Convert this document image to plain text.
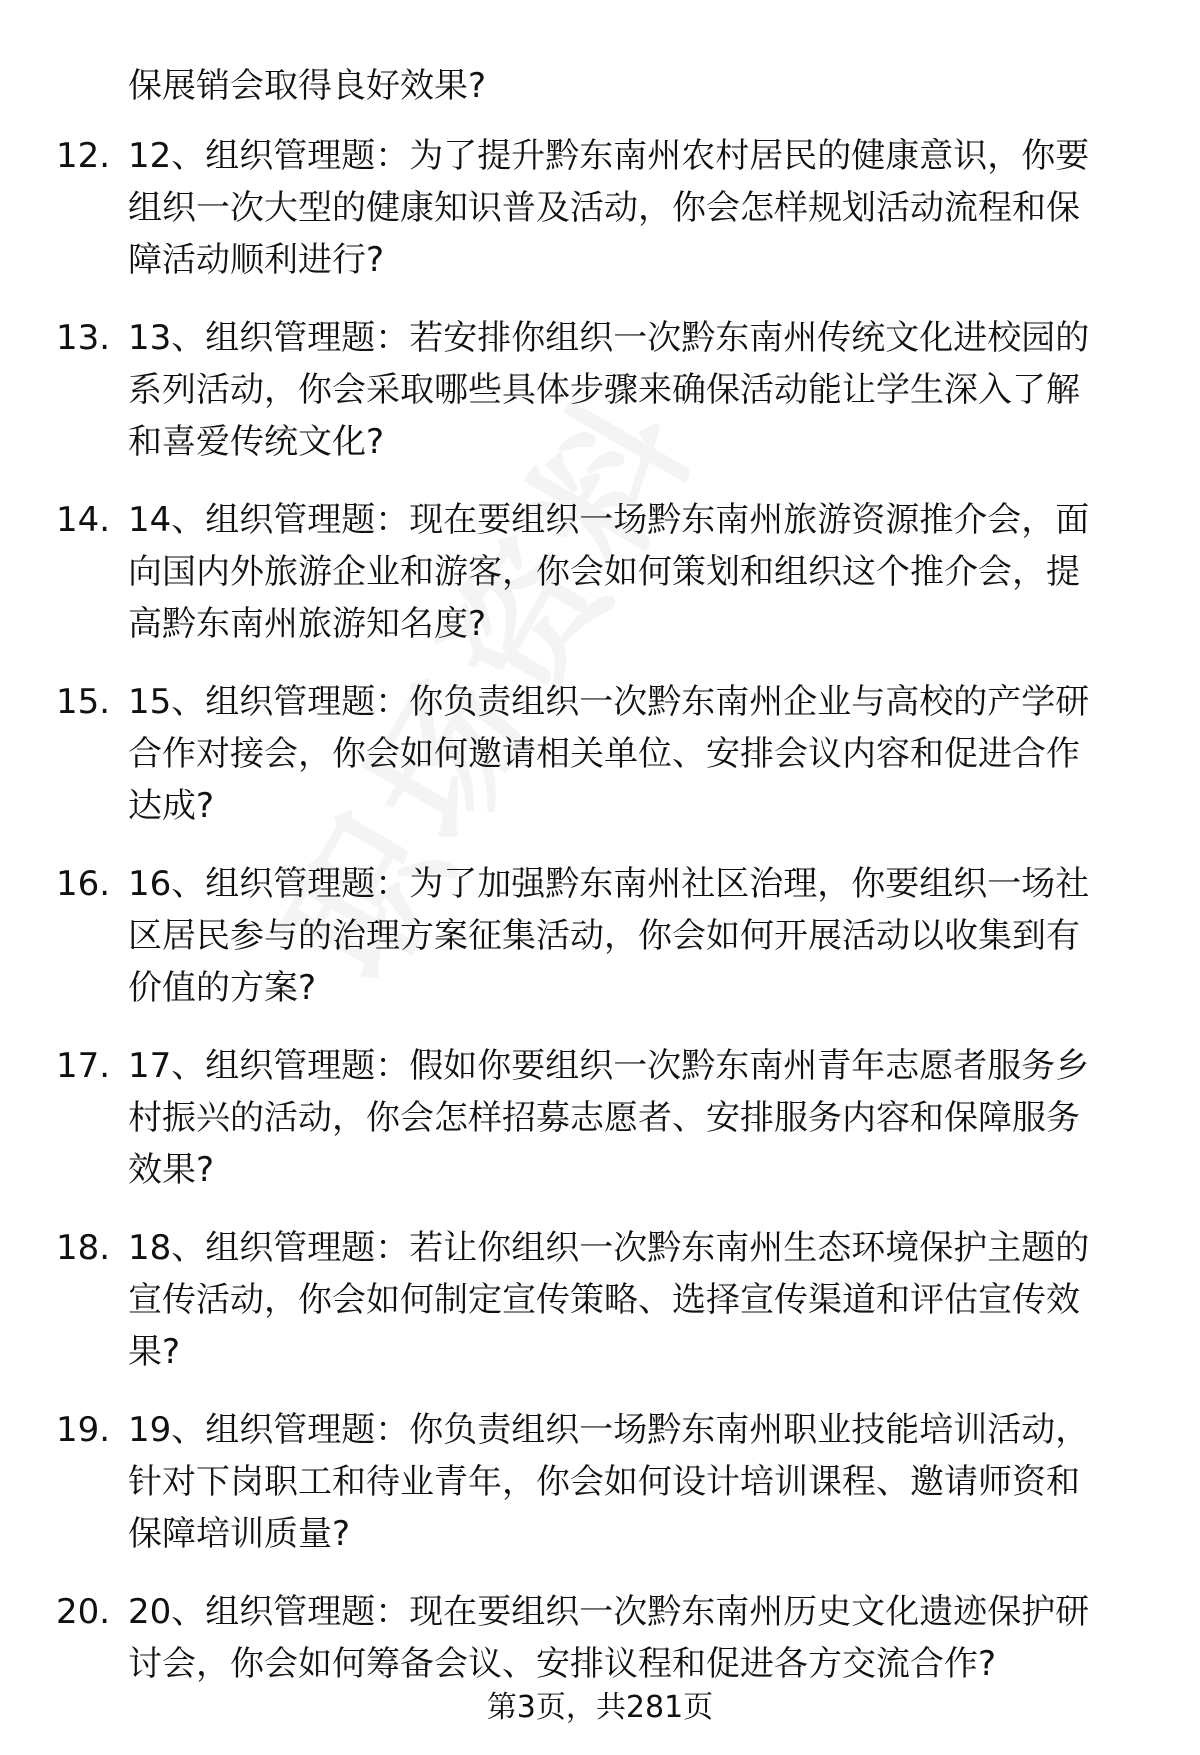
保展销会取得良好效果?
12. 12、组织管理题：为了提升黔东南州农村居民的健康意识，你要
组织一次大型的健康知识普及活动，你会怎样规划活动流程和保
障活动顺利进行?
13. 13、组织管理题：若安排你组织一次黔东南州传统文化进校园的
系列活动，你会采取哪些具体步骤来确保活动能让学生深入了解
和喜爱传统文化?
14. 14、组织管理题：现在要组织一场黔东南州旅游资源推介会，面
向国内外旅游企业和游客，你会如何策划和组织这个推介会，提
高黔东南州旅游知名度?
15. 15、组织管理题：你负责组织一次黔东南州企业与高校的产学研
合作对接会，你会如何邀请相关单位、安排会议内容和促进合作
达成?
16. 16、组织管理题：为了加强黔东南州社区治理，你要组织一场社
区居民参与的治理方案征集活动，你会如何开展活动以收集到有
价值的方案?
17. 17、组织管理题：假如你要组织一次黔东南州青年志愿者服务乡
村振兴的活动，你会怎样招募志愿者、安排服务内容和保障服务
效果?
18. 18、组织管理题：若让你组织一次黔东南州生态环境保护主题的
宣传活动，你会如何制定宣传策略、选择宣传渠道和评估宣传效
果?
19. 19、组织管理题：你负责组织一场黔东南州职业技能培训活动，
针对下岗职工和待业青年，你会如何设计培训课程、邀请师资和
保障培训质量?
20. 20、组织管理题：现在要组织一次黔东南州历史文化遗迹保护研
讨会，你会如何筹备会议、安排议程和促进各方交流合作?
第3页，共281页
